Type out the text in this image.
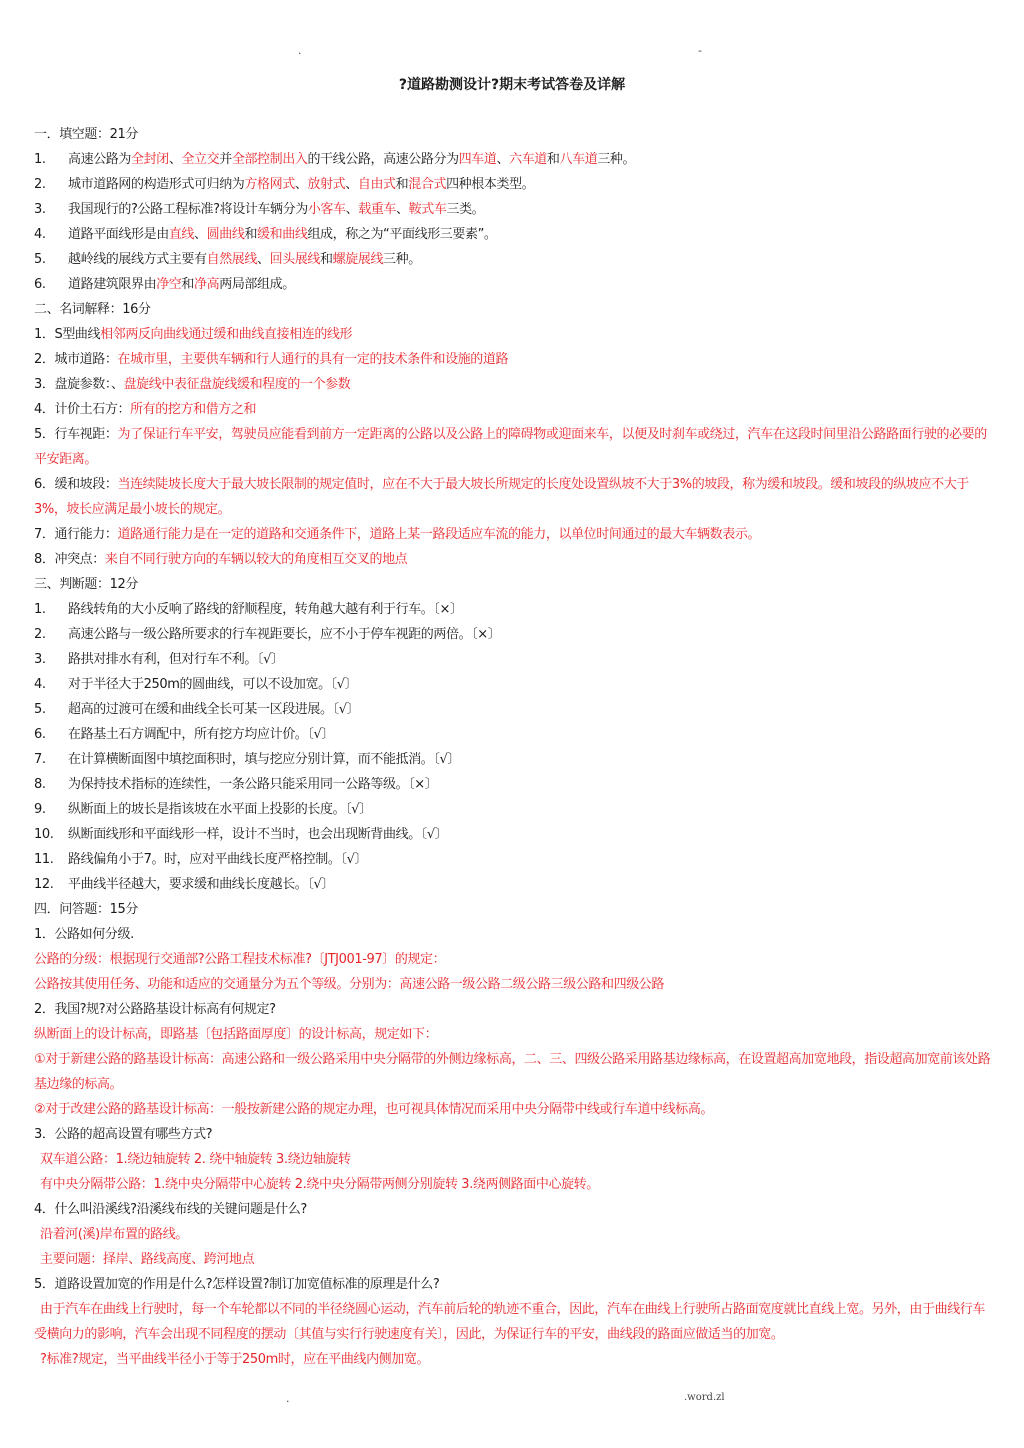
.	-
?道路勘测设计?期末考试答卷及详解
一．填空题：21分
1. 高速公路为全封闭、全立交并全部控制出入的干线公路，高速公路分为四车道、六车道和八车道三种。
2. 城市道路网的构造形式可归纳为方格网式、放射式、自由式和混合式四种根本类型。
3. 我国现行的?公路工程标准?将设计车辆分为小客车、载重车、鞍式车三类。
4. 道路平面线形是由直线、圆曲线和缓和曲线组成，称之为“平面线形三要素”。
5. 越岭线的展线方式主要有自然展线、回头展线和螺旋展线三种。
6. 道路建筑限界由净空和净高两局部组成。
二、名词解释：16分
1．S型曲线相邻两反向曲线通过缓和曲线直接相连的线形
2．城市道路：在城市里，主要供车辆和行人通行的具有一定的技术条件和设施的道路
3．盘旋参数：、盘旋线中表征盘旋线缓和程度的一个参数
4．计价土石方：所有的挖方和借方之和
5．行车视距：为了保证行车平安，驾驶员应能看到前方一定距离的公路以及公路上的障碍物或迎面来车，以便及时刹车或绕过，汽车在这段时间里沿公路路面行驶的必要的平安距离。
6．缓和坡段：当连续陡坡长度大于最大坡长限制的规定值时，应在不大于最大坡长所规定的长度处设置纵坡不大于3%的坡段，称为缓和坡段。缓和坡段的纵坡应不大于3%，坡长应满足最小坡长的规定。
7．通行能力：道路通行能力是在一定的道路和交通条件下，道路上某一路段适应车流的能力，以单位时间通过的最大车辆数表示。
8．冲突点：来自不同行驶方向的车辆以较大的角度相互交叉的地点
三、判断题：12分
1. 路线转角的大小反响了路线的舒顺程度，转角越大越有利于行车。〔×〕
2. 高速公路与一级公路所要求的行车视距要长，应不小于停车视距的两倍。〔×〕
3. 路拱对排水有利，但对行车不利。〔√〕
4. 对于半径大于250m的圆曲线，可以不设加宽。〔√〕
5. 超高的过渡可在缓和曲线全长可某一区段进展。〔√〕
6. 在路基土石方调配中，所有挖方均应计价。〔√〕
7. 在计算横断面图中填挖面积时，填与挖应分别计算，而不能抵消。〔√〕
8. 为保持技术指标的连续性，一条公路只能采用同一公路等级。〔×〕
9. 纵断面上的坡长是指该坡在水平面上投影的长度。〔√〕
10. 纵断面线形和平面线形一样，设计不当时，也会出现断背曲线。〔√〕
11. 路线偏角小于7。时，应对平曲线长度严格控制。〔√〕
12. 平曲线半径越大，要求缓和曲线长度越长。〔√〕
四．问答题：15分
1．公路如何分级.
公路的分级：根据现行交通部?公路工程技术标准?〔JTJ001-97〕的规定：
公路按其使用任务、功能和适应的交通量分为五个等级。分别为：高速公路一级公路二级公路三级公路和四级公路
2．我国?规?对公路路基设计标高有何规定?
纵断面上的设计标高，即路基〔包括路面厚度〕的设计标高，规定如下：
①对于新建公路的路基设计标高：高速公路和一级公路采用中央分隔带的外侧边缘标高，二、三、四级公路采用路基边缘标高，在设置超高加宽地段，指设超高加宽前该处路基边缘的标高。
②对于改建公路的路基设计标高：一般按新建公路的规定办理，也可视具体情况而采用中央分隔带中线或行车道中线标高。
3．公路的超高设置有哪些方式?
双车道公路：1.绕边轴旋转 2. 绕中轴旋转 3.绕边轴旋转
有中央分隔带公路：1.绕中央分隔带中心旋转 2.绕中央分隔带两侧分别旋转 3.绕两侧路面中心旋转。
4．什么叫沿溪线?沿溪线布线的关键问题是什么?
沿着河(溪)岸布置的路线。
主要问题：择岸、路线高度、跨河地点
5．道路设置加宽的作用是什么?怎样设置?制订加宽值标准的原理是什么?
由于汽车在曲线上行驶时，每一个车轮都以不同的半径绕圆心运动，汽车前后轮的轨迹不重合，因此，汽车在曲线上行驶所占路面宽度就比直线上宽。另外，由于曲线行车受横向力的影响，汽车会出现不同程度的摆动〔其值与实行行驶速度有关〕，因此，为保证行车的平安，曲线段的路面应做适当的加宽。
?标准?规定，当平曲线半径小于等于250m时，应在平曲线内侧加宽。
.	.word.zl
